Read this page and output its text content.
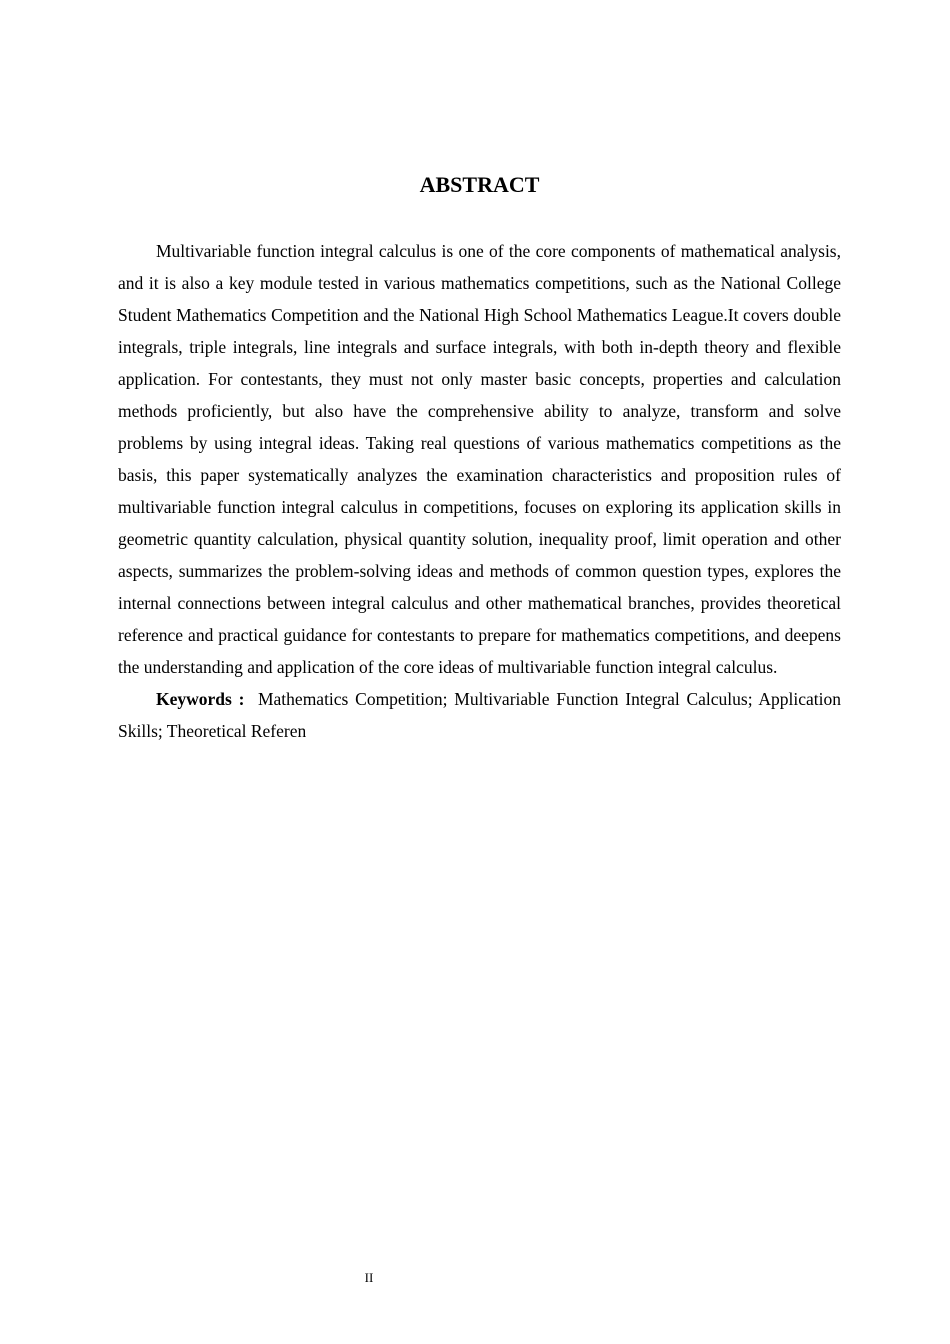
ABSTRACT

Multivariable function integral calculus is one of the core components of mathematical analysis, and it is also a key module tested in various mathematics competitions, such as the National College Student Mathematics Competition and the National High School Mathematics League.It covers double integrals, triple integrals, line integrals and surface integrals, with both in-depth theory and flexible application. For contestants, they must not only master basic concepts, properties and calculation methods proficiently, but also have the comprehensive ability to analyze, transform and solve problems by using integral ideas. Taking real questions of various mathematics competitions as the basis, this paper systematically analyzes the examination characteristics and proposition rules of multivariable function integral calculus in competitions, focuses on exploring its application skills in geometric quantity calculation, physical quantity solution, inequality proof, limit operation and other aspects, summarizes the problem-solving ideas and methods of common question types, explores the internal connections between integral calculus and other mathematical branches, provides theoretical reference and practical guidance for contestants to prepare for mathematics competitions, and deepens the understanding and application of the core ideas of multivariable function integral calculus.

Keywords : Mathematics Competition; Multivariable Function Integral Calculus; Application Skills; Theoretical Referen

II
